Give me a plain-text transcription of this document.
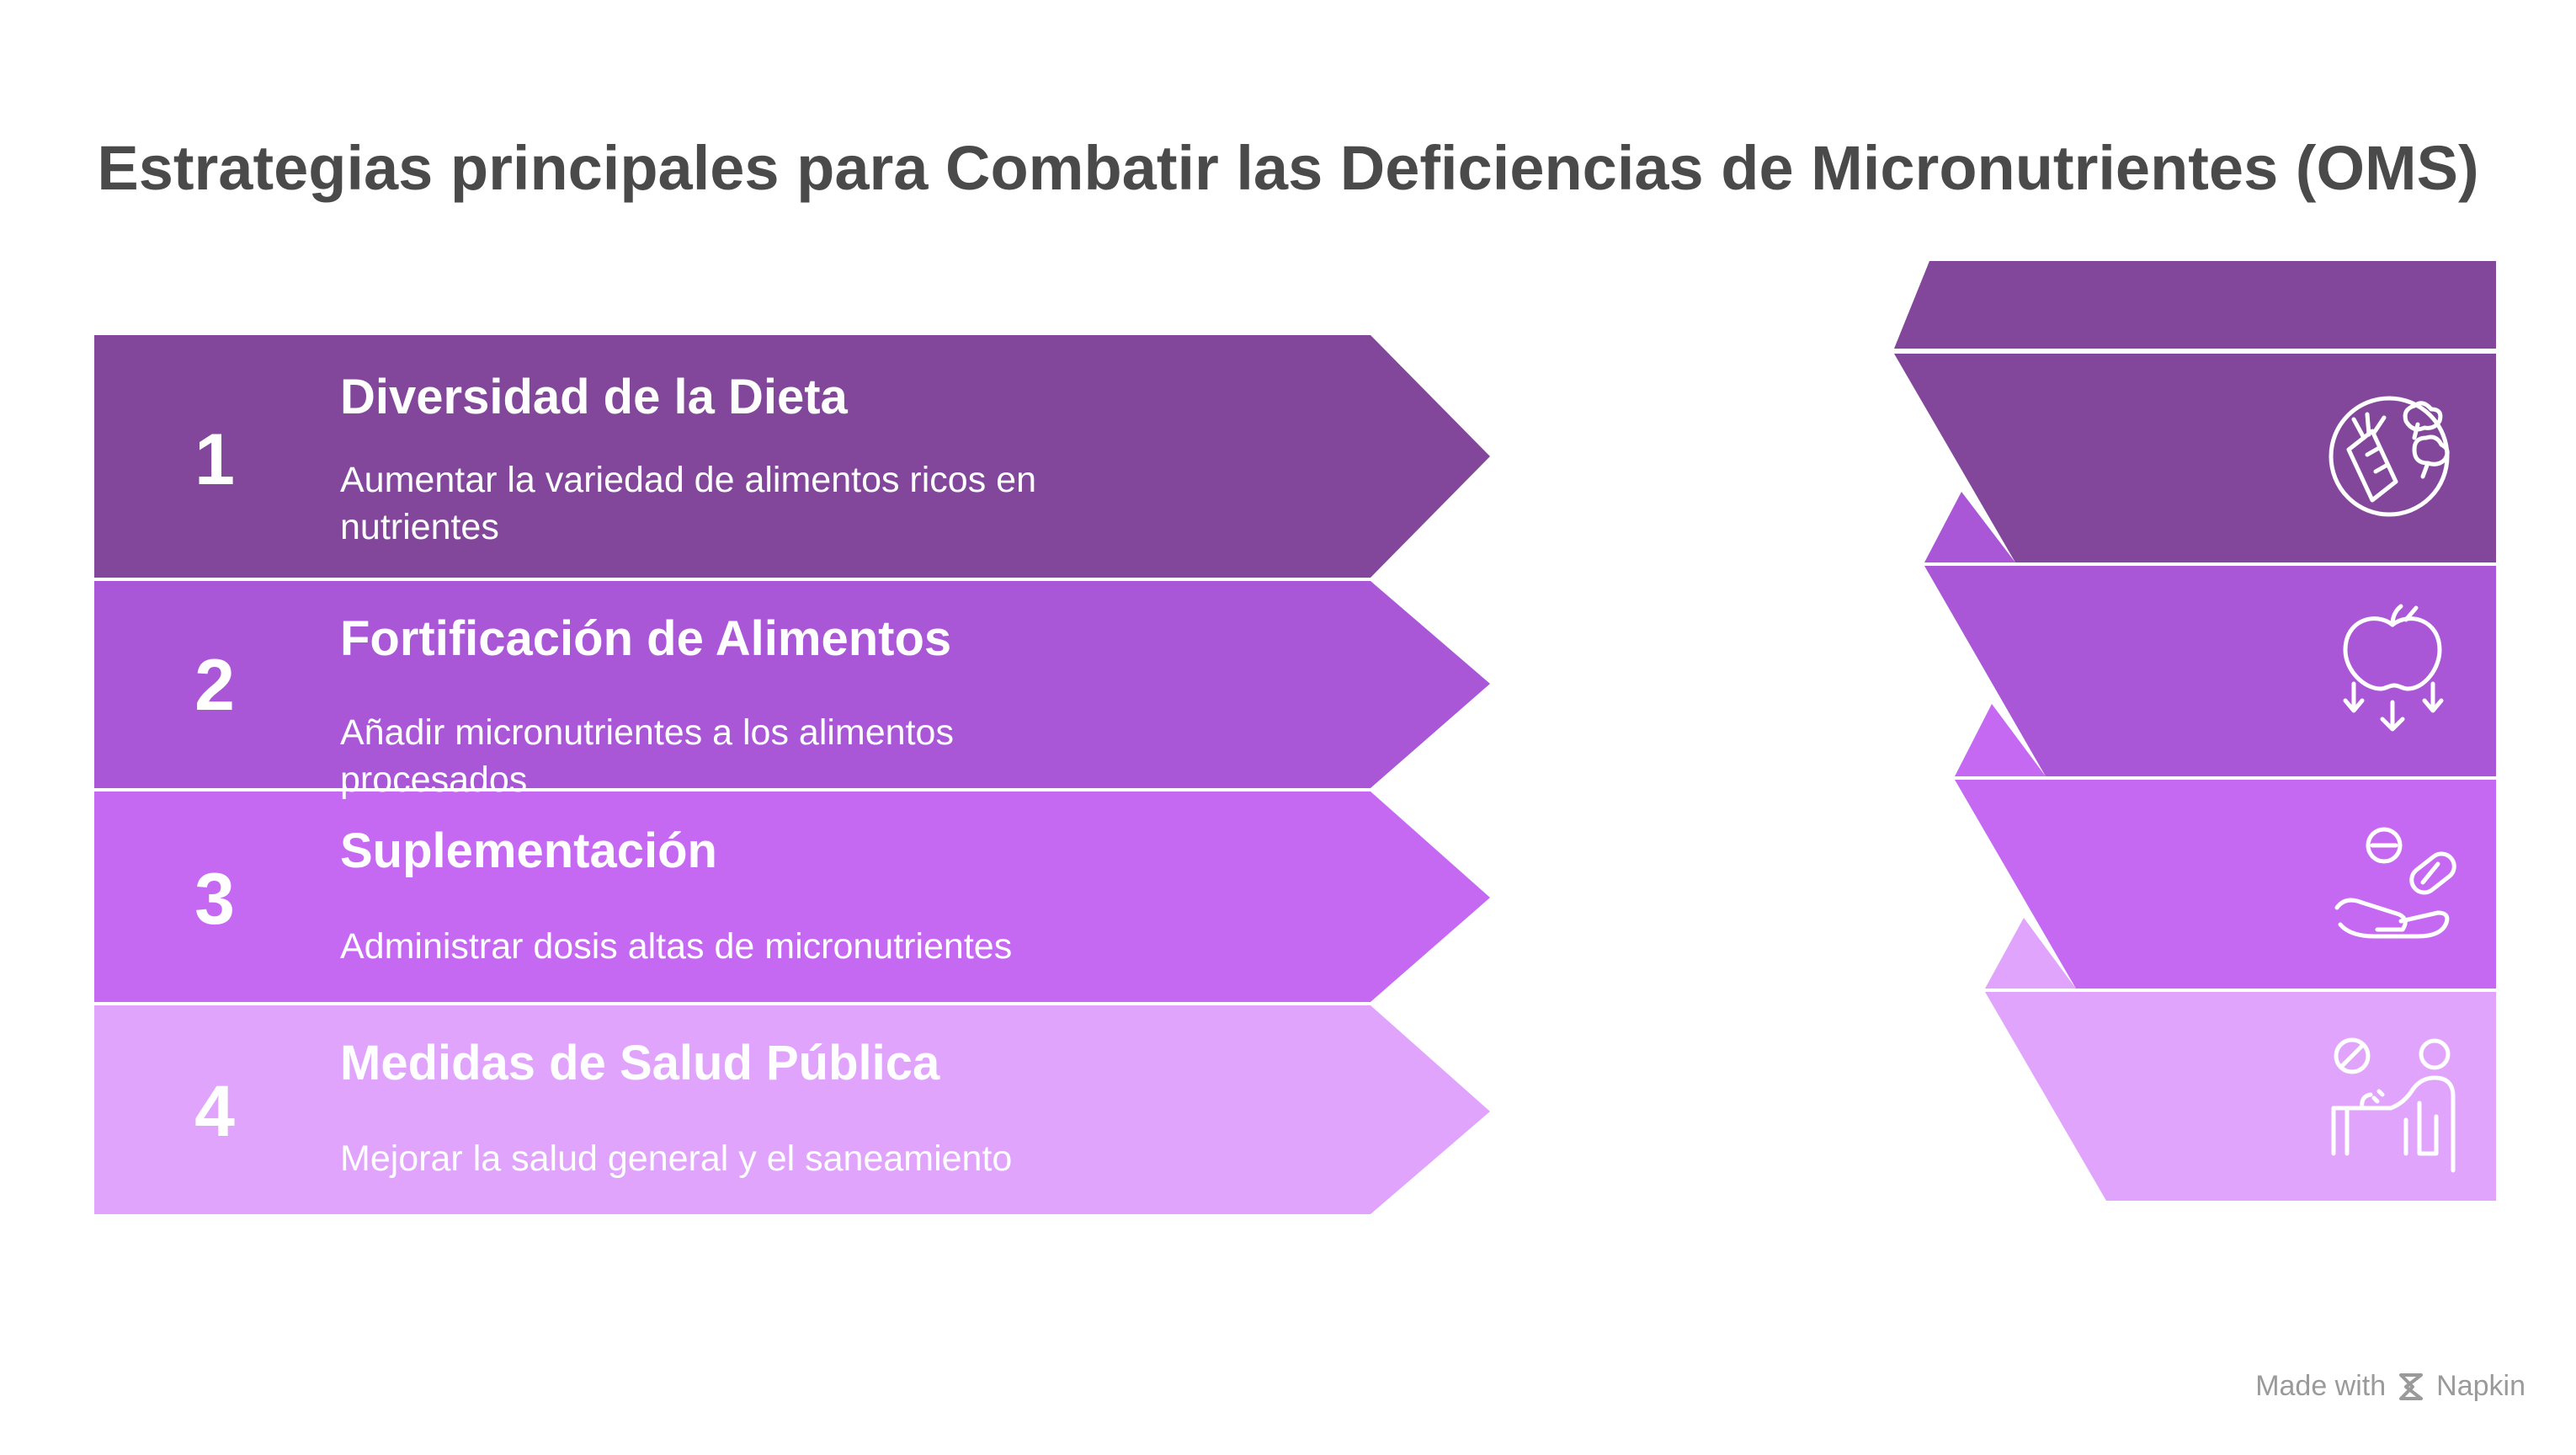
Estrategias principales para Combatir las Deficiencias de Micronutrientes (OMS)
1
Diversidad de la Dieta
Aumentar la variedad de alimentos ricos en nutrientes
2
Fortificación de Alimentos
Añadir micronutrientes a los alimentos procesados
3
Suplementación
Administrar dosis altas de micronutrientes
4
Medidas de Salud Pública
Mejorar la salud general y el saneamiento
Made with Napkin
